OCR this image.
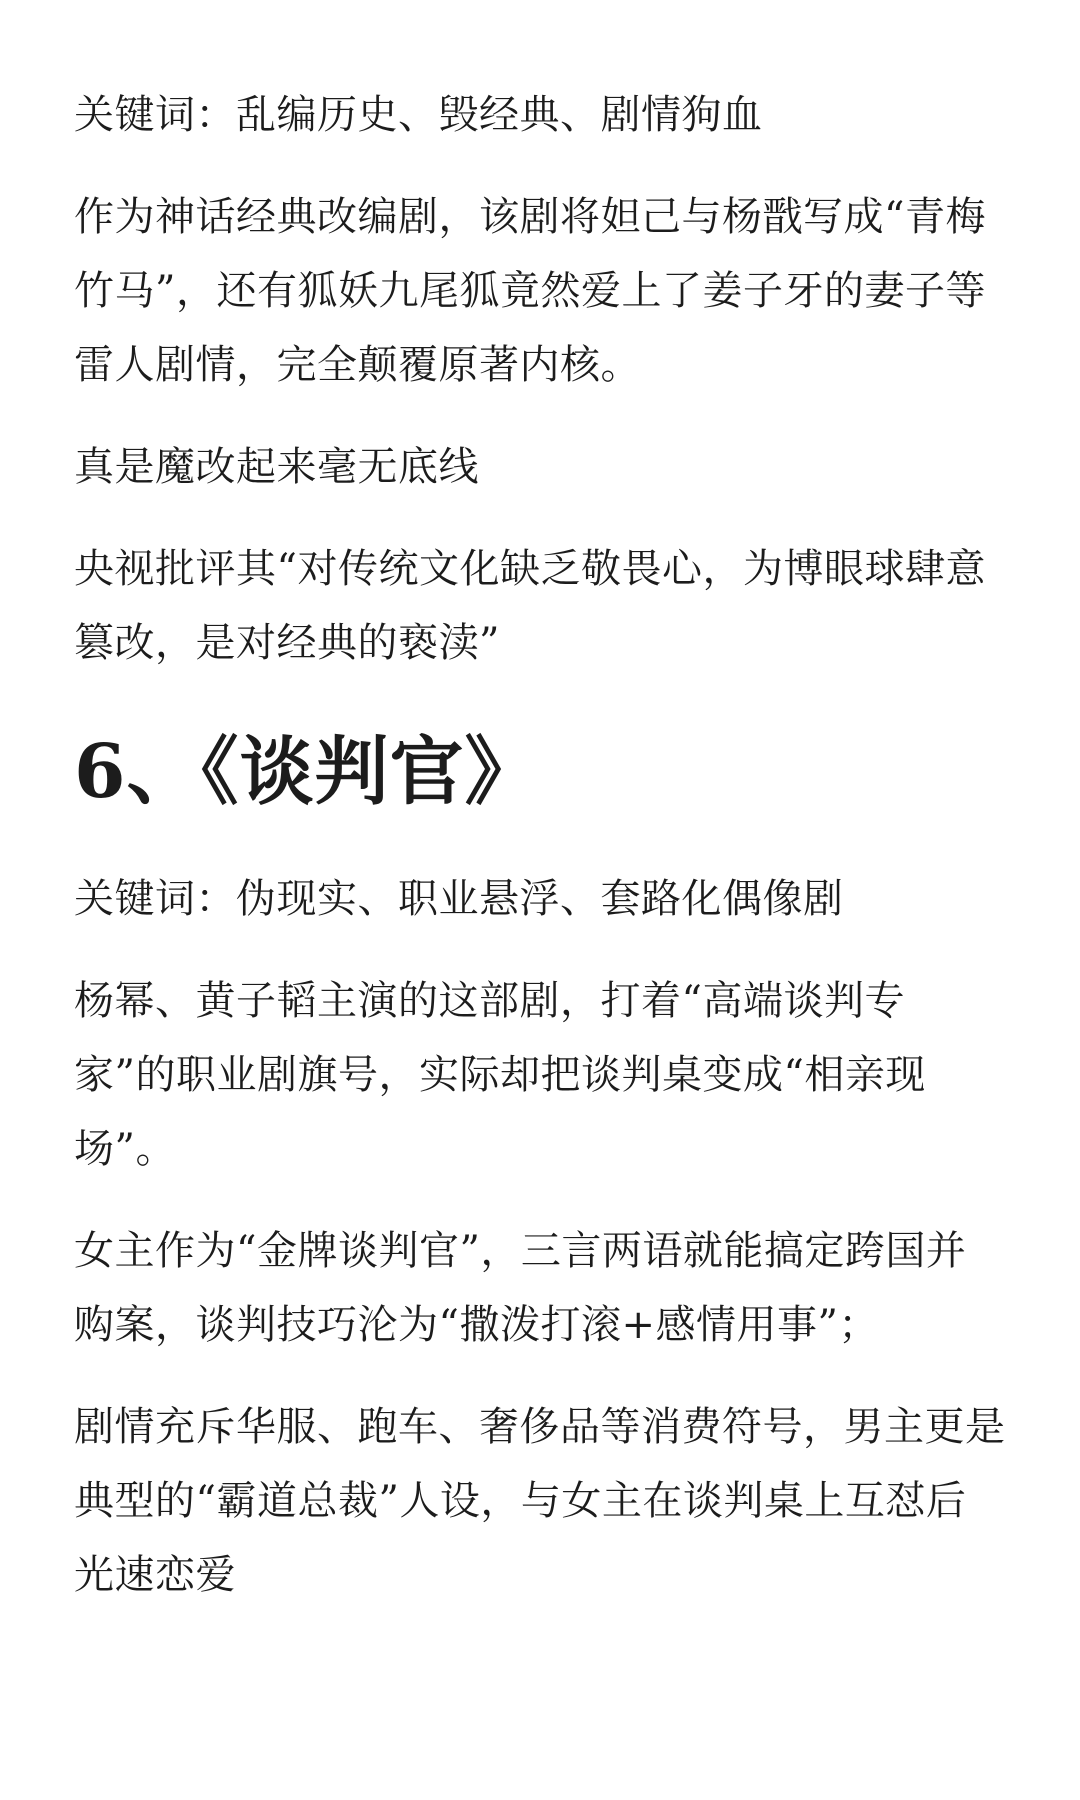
关键词：乱编历史、毁经典、剧情狗血

作为神话经典改编剧，该剧将妲己与杨戬写成“青梅竹马”，还有狐妖九尾狐竟然爱上了姜子牙的妻子等雷人剧情，完全颠覆原著内核。

真是魔改起来毫无底线

央视批评其“对传统文化缺乏敬畏心，为博眼球肆意篡改，是对经典的亵渎”

6、《谈判官》

关键词：伪现实、职业悬浮、套路化偶像剧

杨幂、黄子韬主演的这部剧，打着“高端谈判专家”的职业剧旗号，实际却把谈判桌变成“相亲现场”。

女主作为“金牌谈判官”，三言两语就能搞定跨国并购案，谈判技巧沦为“撒泼打滚+感情用事”；

剧情充斥华服、跑车、奢侈品等消费符号，男主更是典型的“霸道总裁”人设，与女主在谈判桌上互怼后光速恋爱
